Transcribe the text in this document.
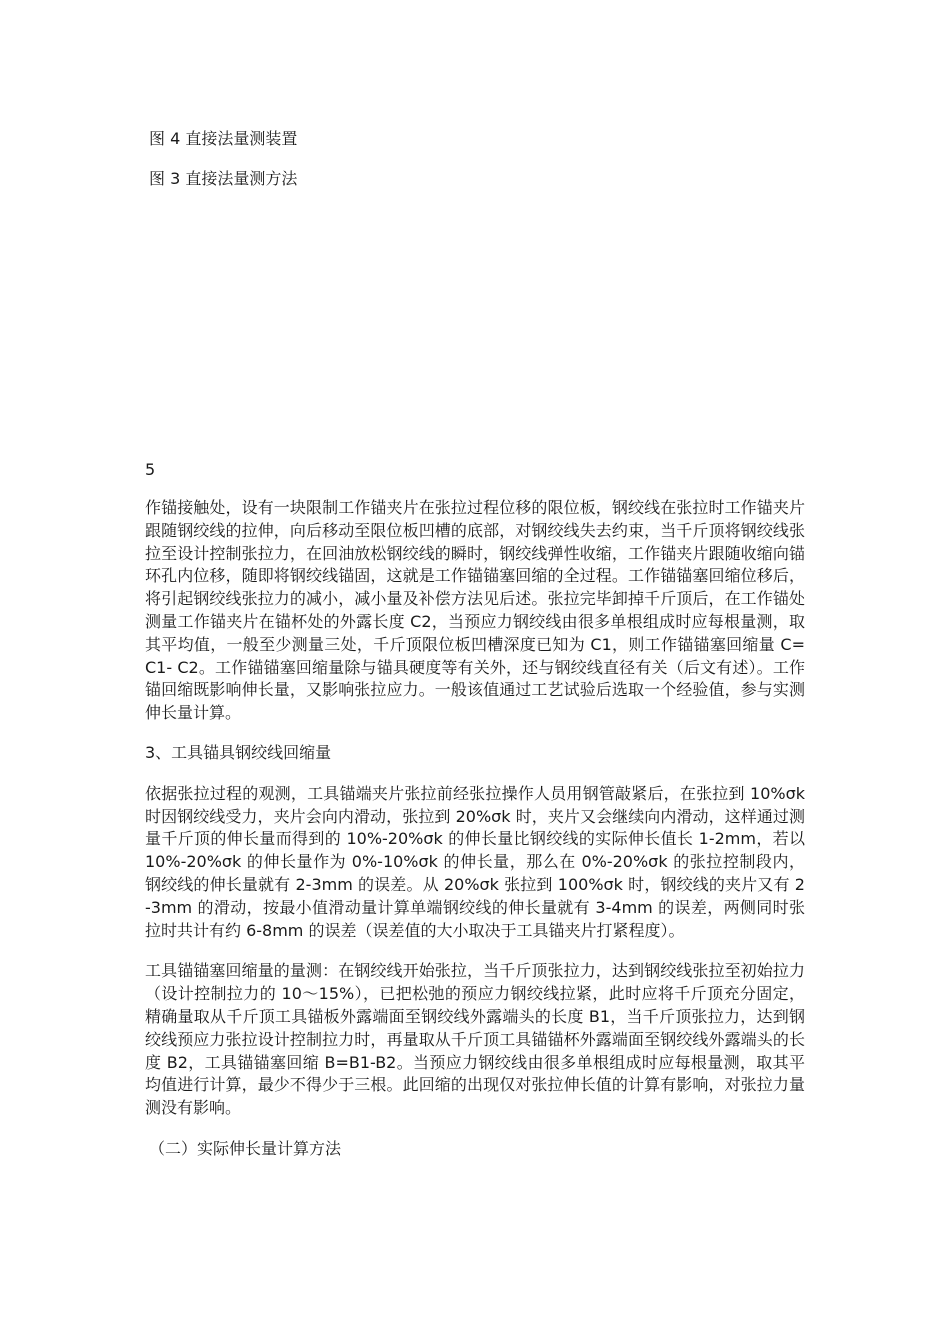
图 4 直接法量测装置
图 3 直接法量测方法
5

作锚接触处，设有一块限制工作锚夹片在张拉过程位移的限位板，钢绞线在张拉时工作锚夹片跟随钢绞线的拉伸，向后移动至限位板凹槽的底部，对钢绞线失去约束，当千斤顶将钢绞线张拉至设计控制张拉力，在回油放松钢绞线的瞬时，钢绞线弹性收缩，工作锚夹片跟随收缩向锚环孔内位移，随即将钢绞线锚固，这就是工作锚锚塞回缩的全过程。工作锚锚塞回缩位移后，将引起钢绞线张拉力的减小，减小量及补偿方法见后述。张拉完毕卸掉千斤顶后，在工作锚处测量工作锚夹片在锚杯处的外露长度 C2，当预应力钢绞线由很多单根组成时应每根量测，取其平均值，一般至少测量三处，千斤顶限位板凹槽深度已知为 C1，则工作锚锚塞回缩量 C= C1- C2。工作锚锚塞回缩量除与锚具硬度等有关外，还与钢绞线直径有关（后文有述）。工作锚回缩既影响伸长量，又影响张拉应力。一般该值通过工艺试验后选取一个经验值，参与实测伸长量计算。

3、工具锚具钢绞线回缩量

依据张拉过程的观测，工具锚端夹片张拉前经张拉操作人员用钢管敲紧后，在张拉到 10%σk 时因钢绞线受力，夹片会向内滑动，张拉到 20%σk 时，夹片又会继续向内滑动，这样通过测量千斤顶的伸长量而得到的 10%-20%σk 的伸长量比钢绞线的实际伸长值长 1-2mm，若以 10%-20%σk 的伸长量作为 0%-10%σk 的伸长量，那么在 0%-20%σk 的张拉控制段内，钢绞线的伸长量就有 2-3mm 的误差。从 20%σk 张拉到 100%σk 时，钢绞线的夹片又有 2-3mm 的滑动，按最小值滑动量计算单端钢绞线的伸长量就有 3-4mm 的误差，两侧同时张拉时共计有约 6-8mm 的误差（误差值的大小取决于工具锚夹片打紧程度）。

工具锚锚塞回缩量的量测：在钢绞线开始张拉，当千斤顶张拉力，达到钢绞线张拉至初始拉力（设计控制拉力的 10～15%），已把松弛的预应力钢绞线拉紧，此时应将千斤顶充分固定，精确量取从千斤顶工具锚板外露端面至钢绞线外露端头的长度 B1，当千斤顶张拉力，达到钢绞线预应力张拉设计控制拉力时，再量取从千斤顶工具锚锚杯外露端面至钢绞线外露端头的长度 B2，工具锚锚塞回缩 B=B1-B2。当预应力钢绞线由很多单根组成时应每根量测，取其平均值进行计算，最少不得少于三根。此回缩的出现仅对张拉伸长值的计算有影响，对张拉力量测没有影响。

（二）实际伸长量计算方法
